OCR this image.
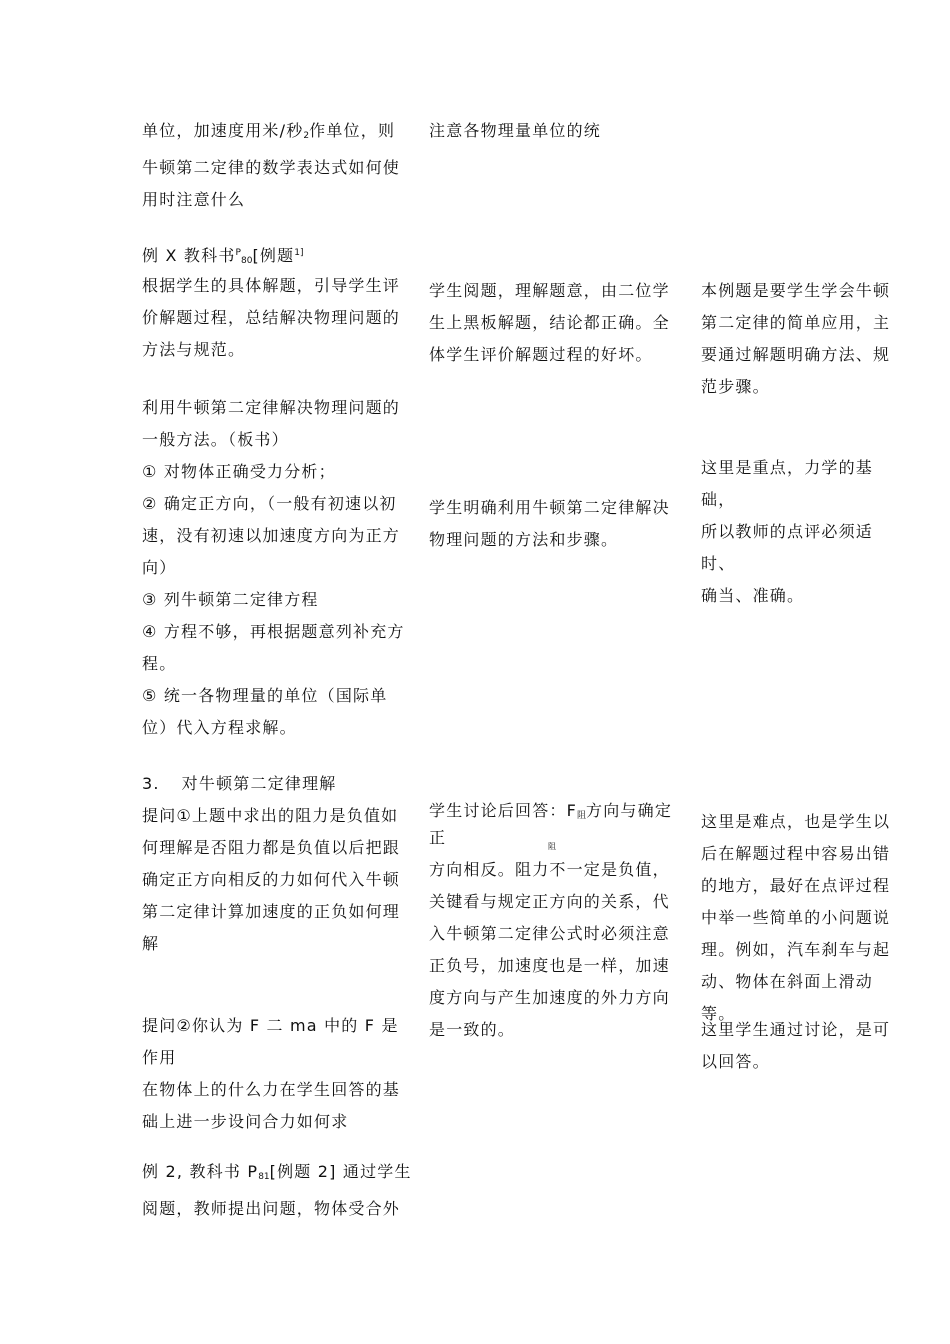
单位，加速度用米/秒$_2$作单位，则

牛顿第二定律的数学表达式如何使

用时注意什么

例 X 教科书$^P_{80}$[例题$^{1]}$

根据学生的具体解题，引导学生评

价解题过程，总结解决物理问题的

方法与规范。

利用牛顿第二定律解决物理问题的

一般方法。（板书）

① 对物体正确受力分析；

② 确定正方向，（一般有初速以初

速，没有初速以加速度方向为正方

向）

③ 列牛顿第二定律方程

④ 方程不够，再根据题意列补充方

程。

⑤ 统一各物理量的单位（国际单

位）代入方程求解。

3. 对牛顿第二定律理解

提问①上题中求出的阻力是负值如

何理解是否阻力都是负值以后把跟

确定正方向相反的力如何代入牛顿

第二定律计算加速度的正负如何理

解

提问②你认为 F 二 ma 中的 F 是作用

在物体上的什么力在学生回答的基

础上进一步设问合力如何求

例 2, 教科书 $P_{81}$[例题 2] 通过学生

阅题，教师提出问题，物体受合外

注意各物理量单位的统

学生阅题，理解题意，由二位学

生上黑板解题，结论都正确。全

体学生评价解题过程的好坏。

学生明确利用牛顿第二定律解决

物理问题的方法和步骤。

学生讨论后回答：$F_阻$方向与确定

正	阻

方向相反。阻力不一定是负值，

关键看与规定正方向的关系，代

入牛顿第二定律公式时必须注意

正负号，加速度也是一样，加速

度方向与产生加速度的外力方向

是一致的。

本例题是要学生学会牛顿

第二定律的简单应用，主

要通过解题明确方法、规

范步骤。

这里是重点，力学的基础，

所以教师的点评必须适时、

确当、准确。

这里是难点，也是学生以

后在解题过程中容易出错

的地方，最好在点评过程

中举一些简单的小问题说

理。例如，汽车刹车与起

动、物体在斜面上滑动等。

这里学生通过讨论，是可

以回答。
